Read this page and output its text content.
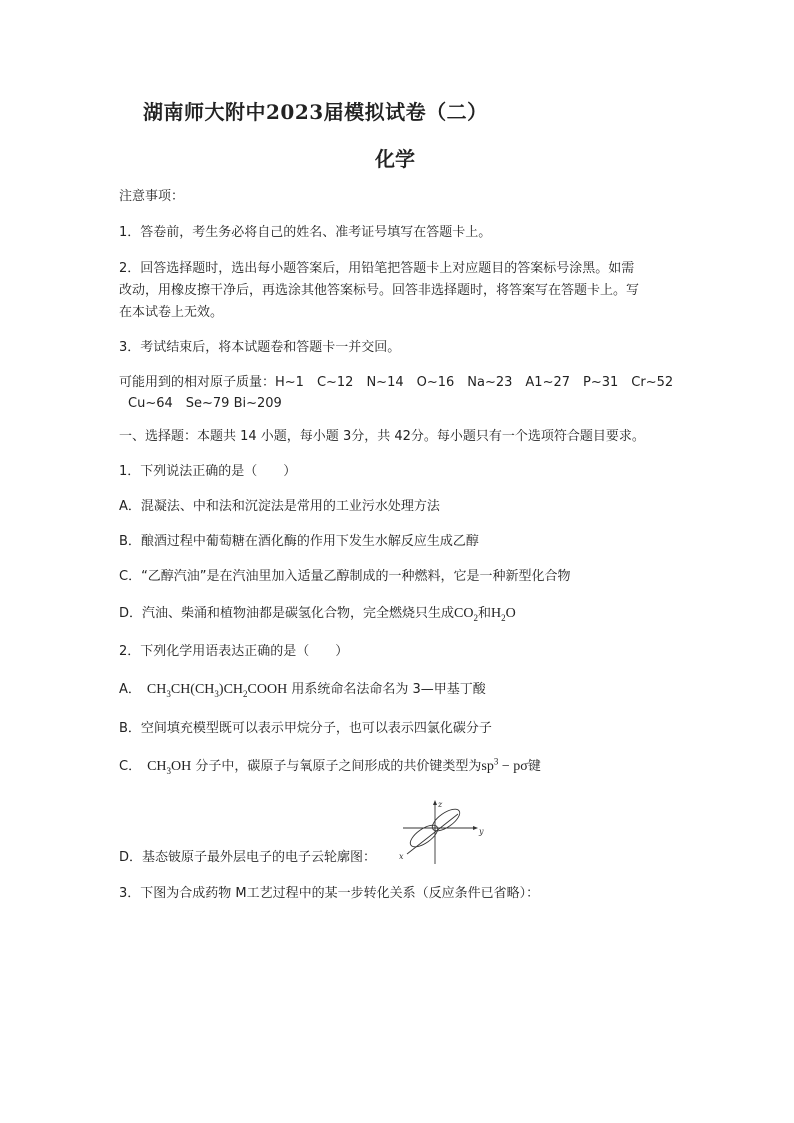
湖南师大附中2023届模拟试卷（二）
化学
注意事项：
1．答卷前，考生务必将自己的姓名、准考证号填写在答题卡上。
2．回答选择题时，选出每小题答案后，用铅笔把答题卡上对应题目的答案标号涂黑。如需
改动，用橡皮擦干净后，再选涂其他答案标号。回答非选择题时，将答案写在答题卡上。写
在本试卷上无效。
3．考试结束后，将本试题卷和答题卡一并交回。
可能用到的相对原子质量：H~1　C~12　N~14　O~16　Na~23　A1~27　P~31　Cr~52
Cu~64　Se~79 Bi~209
一、选择题：本题共 14 小题，每小题 3分，共 42分。每小题只有一个选项符合题目要求。
1．下列说法正确的是（　　）
A．混凝法、中和法和沉淀法是常用的工业污水处理方法
B．酿酒过程中葡萄糖在酒化酶的作用下发生水解反应生成乙醇
C．“乙醇汽油”是在汽油里加入适量乙醇制成的一种燃料，它是一种新型化合物
D．汽油、柴涌和植物油都是碳氢化合物，完全燃烧只生成$CO_2$和$H_2O$
2．下列化学用语表达正确的是（　　）
A． $CH_3CH(CH_3)CH_2COOH$ 用系统命名法命名为 3—甲基丁酸
B．空间填充模型既可以表示甲烷分子，也可以表示四氯化碳分子
C． $CH_3OH$ 分子中，碳原子与氧原子之间形成的共价键类型为$sp^3 - p\sigma$键
z
y
x
D．基态铍原子最外层电子的电子云轮廓图：
3．下图为合成药物 M工艺过程中的某一步转化关系（反应条件已省略）：
